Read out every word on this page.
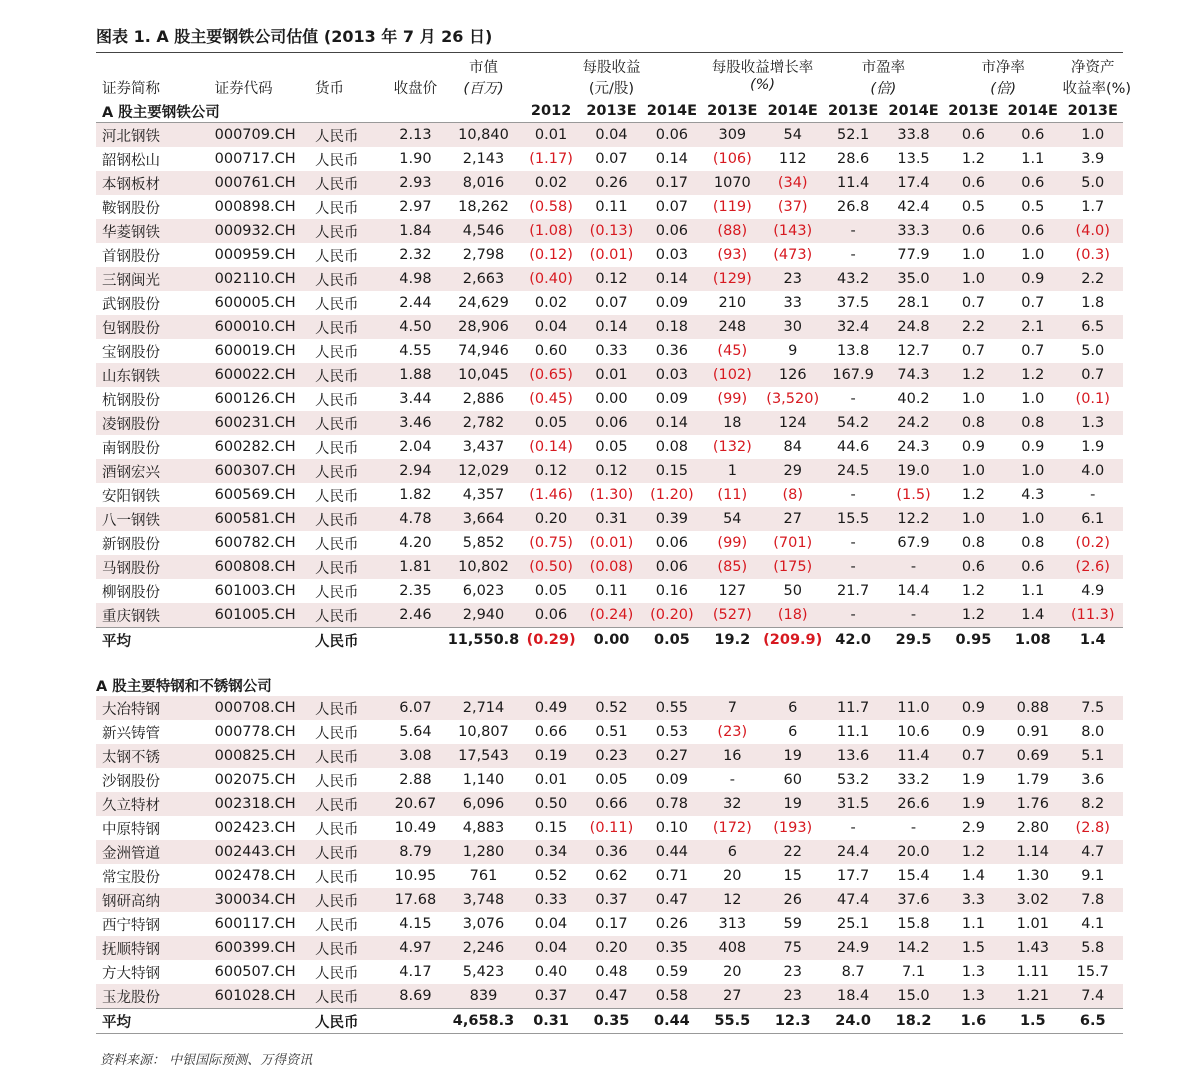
图表 1. A 股主要钢铁公司估值 (2013 年 7 月 26 日)
				市值	每股收益			每股收益增长率		市盈率		市净率		净资产
证券简称	证券代码	货币	收盘价	(百万)	(元/股)			(%)		(倍)		(倍)		收益率(%)
A 股主要钢铁公司					2012	2013E	2014E	2013E	2014E	2013E	2014E	2013E	2014E	2013E
河北钢铁	000709.CH	人民币	2.13	10,840	0.01	0.04	0.06	309	54	52.1	33.8	0.6	0.6	1.0
韶钢松山	000717.CH	人民币	1.90	2,143	(1.17)	0.07	0.14	(106)	112	28.6	13.5	1.2	1.1	3.9
本钢板材	000761.CH	人民币	2.93	8,016	0.02	0.26	0.17	1070	(34)	11.4	17.4	0.6	0.6	5.0
鞍钢股份	000898.CH	人民币	2.97	18,262	(0.58)	0.11	0.07	(119)	(37)	26.8	42.4	0.5	0.5	1.7
华菱钢铁	000932.CH	人民币	1.84	4,546	(1.08)	(0.13)	0.06	(88)	(143)	-	33.3	0.6	0.6	(4.0)
首钢股份	000959.CH	人民币	2.32	2,798	(0.12)	(0.01)	0.03	(93)	(473)	-	77.9	1.0	1.0	(0.3)
三钢闽光	002110.CH	人民币	4.98	2,663	(0.40)	0.12	0.14	(129)	23	43.2	35.0	1.0	0.9	2.2
武钢股份	600005.CH	人民币	2.44	24,629	0.02	0.07	0.09	210	33	37.5	28.1	0.7	0.7	1.8
包钢股份	600010.CH	人民币	4.50	28,906	0.04	0.14	0.18	248	30	32.4	24.8	2.2	2.1	6.5
宝钢股份	600019.CH	人民币	4.55	74,946	0.60	0.33	0.36	(45)	9	13.8	12.7	0.7	0.7	5.0
山东钢铁	600022.CH	人民币	1.88	10,045	(0.65)	0.01	0.03	(102)	126	167.9	74.3	1.2	1.2	0.7
杭钢股份	600126.CH	人民币	3.44	2,886	(0.45)	0.00	0.09	(99)	(3,520)	-	40.2	1.0	1.0	(0.1)
凌钢股份	600231.CH	人民币	3.46	2,782	0.05	0.06	0.14	18	124	54.2	24.2	0.8	0.8	1.3
南钢股份	600282.CH	人民币	2.04	3,437	(0.14)	0.05	0.08	(132)	84	44.6	24.3	0.9	0.9	1.9
酒钢宏兴	600307.CH	人民币	2.94	12,029	0.12	0.12	0.15	1	29	24.5	19.0	1.0	1.0	4.0
安阳钢铁	600569.CH	人民币	1.82	4,357	(1.46)	(1.30)	(1.20)	(11)	(8)	-	(1.5)	1.2	4.3	-
八一钢铁	600581.CH	人民币	4.78	3,664	0.20	0.31	0.39	54	27	15.5	12.2	1.0	1.0	6.1
新钢股份	600782.CH	人民币	4.20	5,852	(0.75)	(0.01)	0.06	(99)	(701)	-	67.9	0.8	0.8	(0.2)
马钢股份	600808.CH	人民币	1.81	10,802	(0.50)	(0.08)	0.06	(85)	(175)	-	-	0.6	0.6	(2.6)
柳钢股份	601003.CH	人民币	2.35	6,023	0.05	0.11	0.16	127	50	21.7	14.4	1.2	1.1	4.9
重庆钢铁	601005.CH	人民币	2.46	2,940	0.06	(0.24)	(0.20)	(527)	(18)	-	-	1.2	1.4	(11.3)
平均		人民币		11,550.8	(0.29)	0.00	0.05	19.2	(209.9)	42.0	29.5	0.95	1.08	1.4

A 股主要特钢和不锈钢公司														
大冶特钢	000708.CH	人民币	6.07	2,714	0.49	0.52	0.55	7	6	11.7	11.0	0.9	0.88	7.5
新兴铸管	000778.CH	人民币	5.64	10,807	0.66	0.51	0.53	(23)	6	11.1	10.6	0.9	0.91	8.0
太钢不锈	000825.CH	人民币	3.08	17,543	0.19	0.23	0.27	16	19	13.6	11.4	0.7	0.69	5.1
沙钢股份	002075.CH	人民币	2.88	1,140	0.01	0.05	0.09	-	60	53.2	33.2	1.9	1.79	3.6
久立特材	002318.CH	人民币	20.67	6,096	0.50	0.66	0.78	32	19	31.5	26.6	1.9	1.76	8.2
中原特钢	002423.CH	人民币	10.49	4,883	0.15	(0.11)	0.10	(172)	(193)	-	-	2.9	2.80	(2.8)
金洲管道	002443.CH	人民币	8.79	1,280	0.34	0.36	0.44	6	22	24.4	20.0	1.2	1.14	4.7
常宝股份	002478.CH	人民币	10.95	761	0.52	0.62	0.71	20	15	17.7	15.4	1.4	1.30	9.1
钢研高纳	300034.CH	人民币	17.68	3,748	0.33	0.37	0.47	12	26	47.4	37.6	3.3	3.02	7.8
西宁特钢	600117.CH	人民币	4.15	3,076	0.04	0.17	0.26	313	59	25.1	15.8	1.1	1.01	4.1
抚顺特钢	600399.CH	人民币	4.97	2,246	0.04	0.20	0.35	408	75	24.9	14.2	1.5	1.43	5.8
方大特钢	600507.CH	人民币	4.17	5,423	0.40	0.48	0.59	20	23	8.7	7.1	1.3	1.11	15.7
玉龙股份	601028.CH	人民币	8.69	839	0.37	0.47	0.58	27	23	18.4	15.0	1.3	1.21	7.4
平均		人民币		4,658.3	0.31	0.35	0.44	55.5	12.3	24.0	18.2	1.6	1.5	6.5
资料来源： 中银国际预测、万得资讯
